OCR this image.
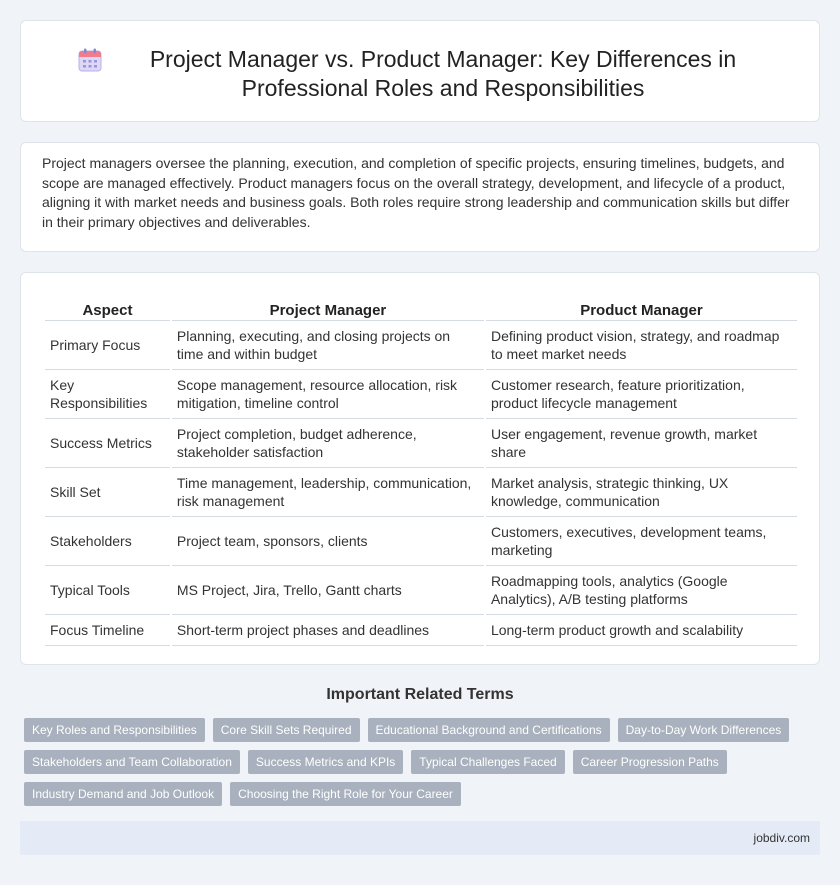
Project Manager vs. Product Manager: Key Differences in Professional Roles and Responsibilities

Project managers oversee the planning, execution, and completion of specific projects, ensuring timelines, budgets, and scope are managed effectively. Product managers focus on the overall strategy, development, and lifecycle of a product, aligning it with market needs and business goals. Both roles require strong leadership and communication skills but differ in their primary objectives and deliverables.

Aspect	Project Manager	Product Manager
Primary Focus	Planning, executing, and closing projects on time and within budget	Defining product vision, strategy, and roadmap to meet market needs
Key Responsibilities	Scope management, resource allocation, risk mitigation, timeline control	Customer research, feature prioritization, product lifecycle management
Success Metrics	Project completion, budget adherence, stakeholder satisfaction	User engagement, revenue growth, market share
Skill Set	Time management, leadership, communication, risk management	Market analysis, strategic thinking, UX knowledge, communication
Stakeholders	Project team, sponsors, clients	Customers, executives, development teams, marketing
Typical Tools	MS Project, Jira, Trello, Gantt charts	Roadmapping tools, analytics (Google Analytics), A/B testing platforms
Focus Timeline	Short-term project phases and deadlines	Long-term product growth and scalability
Important Related Terms
Key Roles and Responsibilities	Core Skill Sets Required	Educational Background and Certifications	Day-to-Day Work Differences
Stakeholders and Team Collaboration	Success Metrics and KPIs	Typical Challenges Faced	Career Progression Paths
Industry Demand and Job Outlook	Choosing the Right Role for Your Career
jobdiv.com
